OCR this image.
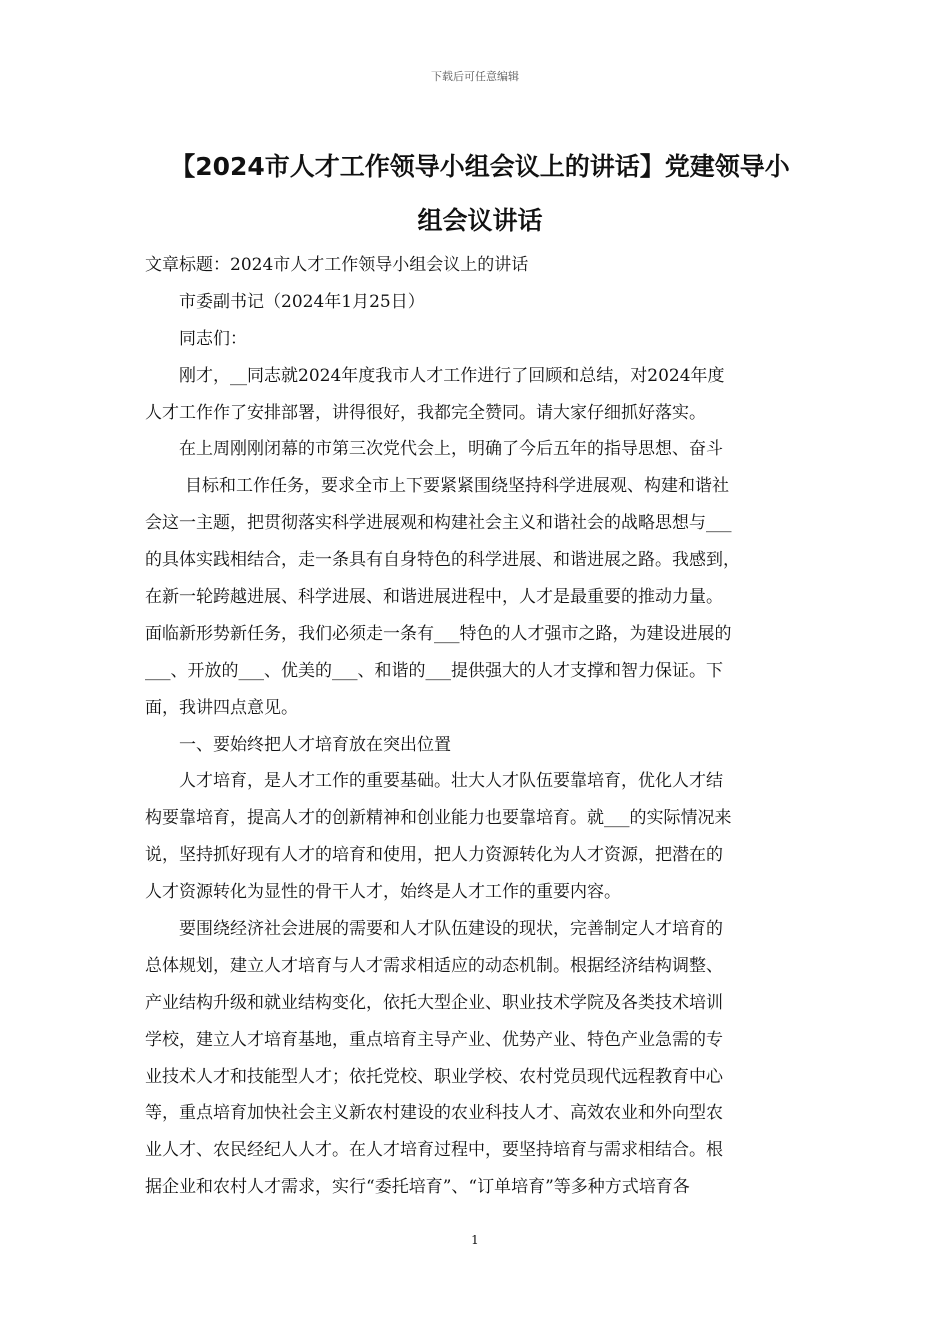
下载后可任意编辑
【2024市人才工作领导小组会议上的讲话】党建领导小
组会议讲话
文章标题：2024市人才工作领导小组会议上的讲话
市委副书记（2024年1月25日）
同志们：
刚才，__同志就2024年度我市人才工作进行了回顾和总结，对2024年度
人才工作作了安排部署，讲得很好，我都完全赞同。请大家仔细抓好落实。
在上周刚刚闭幕的市第三次党代会上，明确了今后五年的指导思想、奋斗
目标和工作任务，要求全市上下要紧紧围绕坚持科学进展观、构建和谐社
会这一主题，把贯彻落实科学进展观和构建社会主义和谐社会的战略思想与___
的具体实践相结合，走一条具有自身特色的科学进展、和谐进展之路。我感到，
在新一轮跨越进展、科学进展、和谐进展进程中，人才是最重要的推动力量。
面临新形势新任务，我们必须走一条有___特色的人才强市之路，为建设进展的
___、开放的___、优美的___、和谐的___提供强大的人才支撑和智力保证。下
面，我讲四点意见。
一、要始终把人才培育放在突出位置
人才培育，是人才工作的重要基础。壮大人才队伍要靠培育，优化人才结
构要靠培育，提高人才的创新精神和创业能力也要靠培育。就___的实际情况来
说，坚持抓好现有人才的培育和使用，把人力资源转化为人才资源，把潜在的
人才资源转化为显性的骨干人才，始终是人才工作的重要内容。
要围绕经济社会进展的需要和人才队伍建设的现状，完善制定人才培育的
总体规划，建立人才培育与人才需求相适应的动态机制。根据经济结构调整、
产业结构升级和就业结构变化，依托大型企业、职业技术学院及各类技术培训
学校，建立人才培育基地，重点培育主导产业、优势产业、特色产业急需的专
业技术人才和技能型人才；依托党校、职业学校、农村党员现代远程教育中心
等，重点培育加快社会主义新农村建设的农业科技人才、高效农业和外向型农
业人才、农民经纪人人才。在人才培育过程中，要坚持培育与需求相结合。根
据企业和农村人才需求，实行“委托培育”、“订单培育”等多种方式培育各
1
